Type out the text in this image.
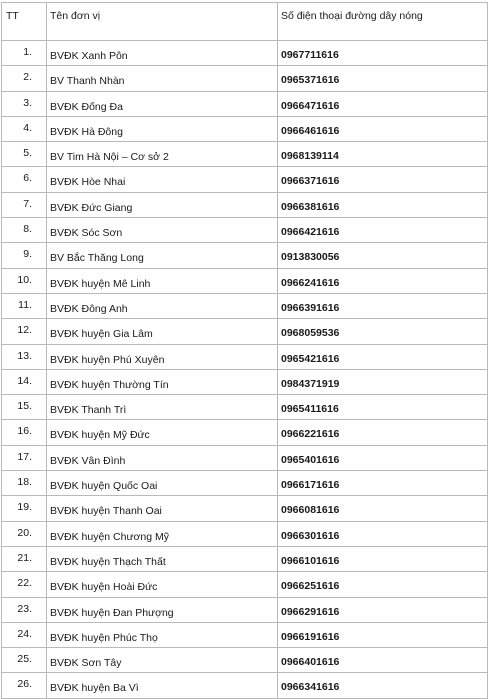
TT	Tên đơn vị	Số điện thoại đường dây nóng
1.	BVĐK Xanh Pôn	0967711616
2.	BV Thanh Nhàn	0965371616
3.	BVĐK Đống Đa	0966471616
4.	BVĐK Hà Đông	0966461616
5.	BV Tim Hà Nội – Cơ sở 2	0968139114
6.	BVĐK Hòe Nhai	0966371616
7.	BVĐK Đức Giang	0966381616
8.	BVĐK Sóc Sơn	0966421616
9.	BV Bắc Thăng Long	0913830056
10.	BVĐK huyện Mê Linh	0966241616
11.	BVĐK Đông Anh	0966391616
12.	BVĐK huyện Gia Lâm	0968059536
13.	BVĐK huyện Phú Xuyên	0965421616
14.	BVĐK huyện Thường Tín	0984371919
15.	BVĐK Thanh Trì	0965411616
16.	BVĐK huyện Mỹ Đức	0966221616
17.	BVĐK Vân Đình	0965401616
18.	BVĐK huyện Quốc Oai	0966171616
19.	BVĐK huyện Thanh Oai	0966081616
20.	BVĐK huyện Chương Mỹ	0966301616
21.	BVĐK huyện Thạch Thất	0966101616
22.	BVĐK huyện Hoài Đức	0966251616
23.	BVĐK huyện Đan Phượng	0966291616
24.	BVĐK huyện Phúc Thọ	0966191616
25.	BVĐK Sơn Tây	0966401616
26.	BVĐK huyện Ba Vì	0966341616
